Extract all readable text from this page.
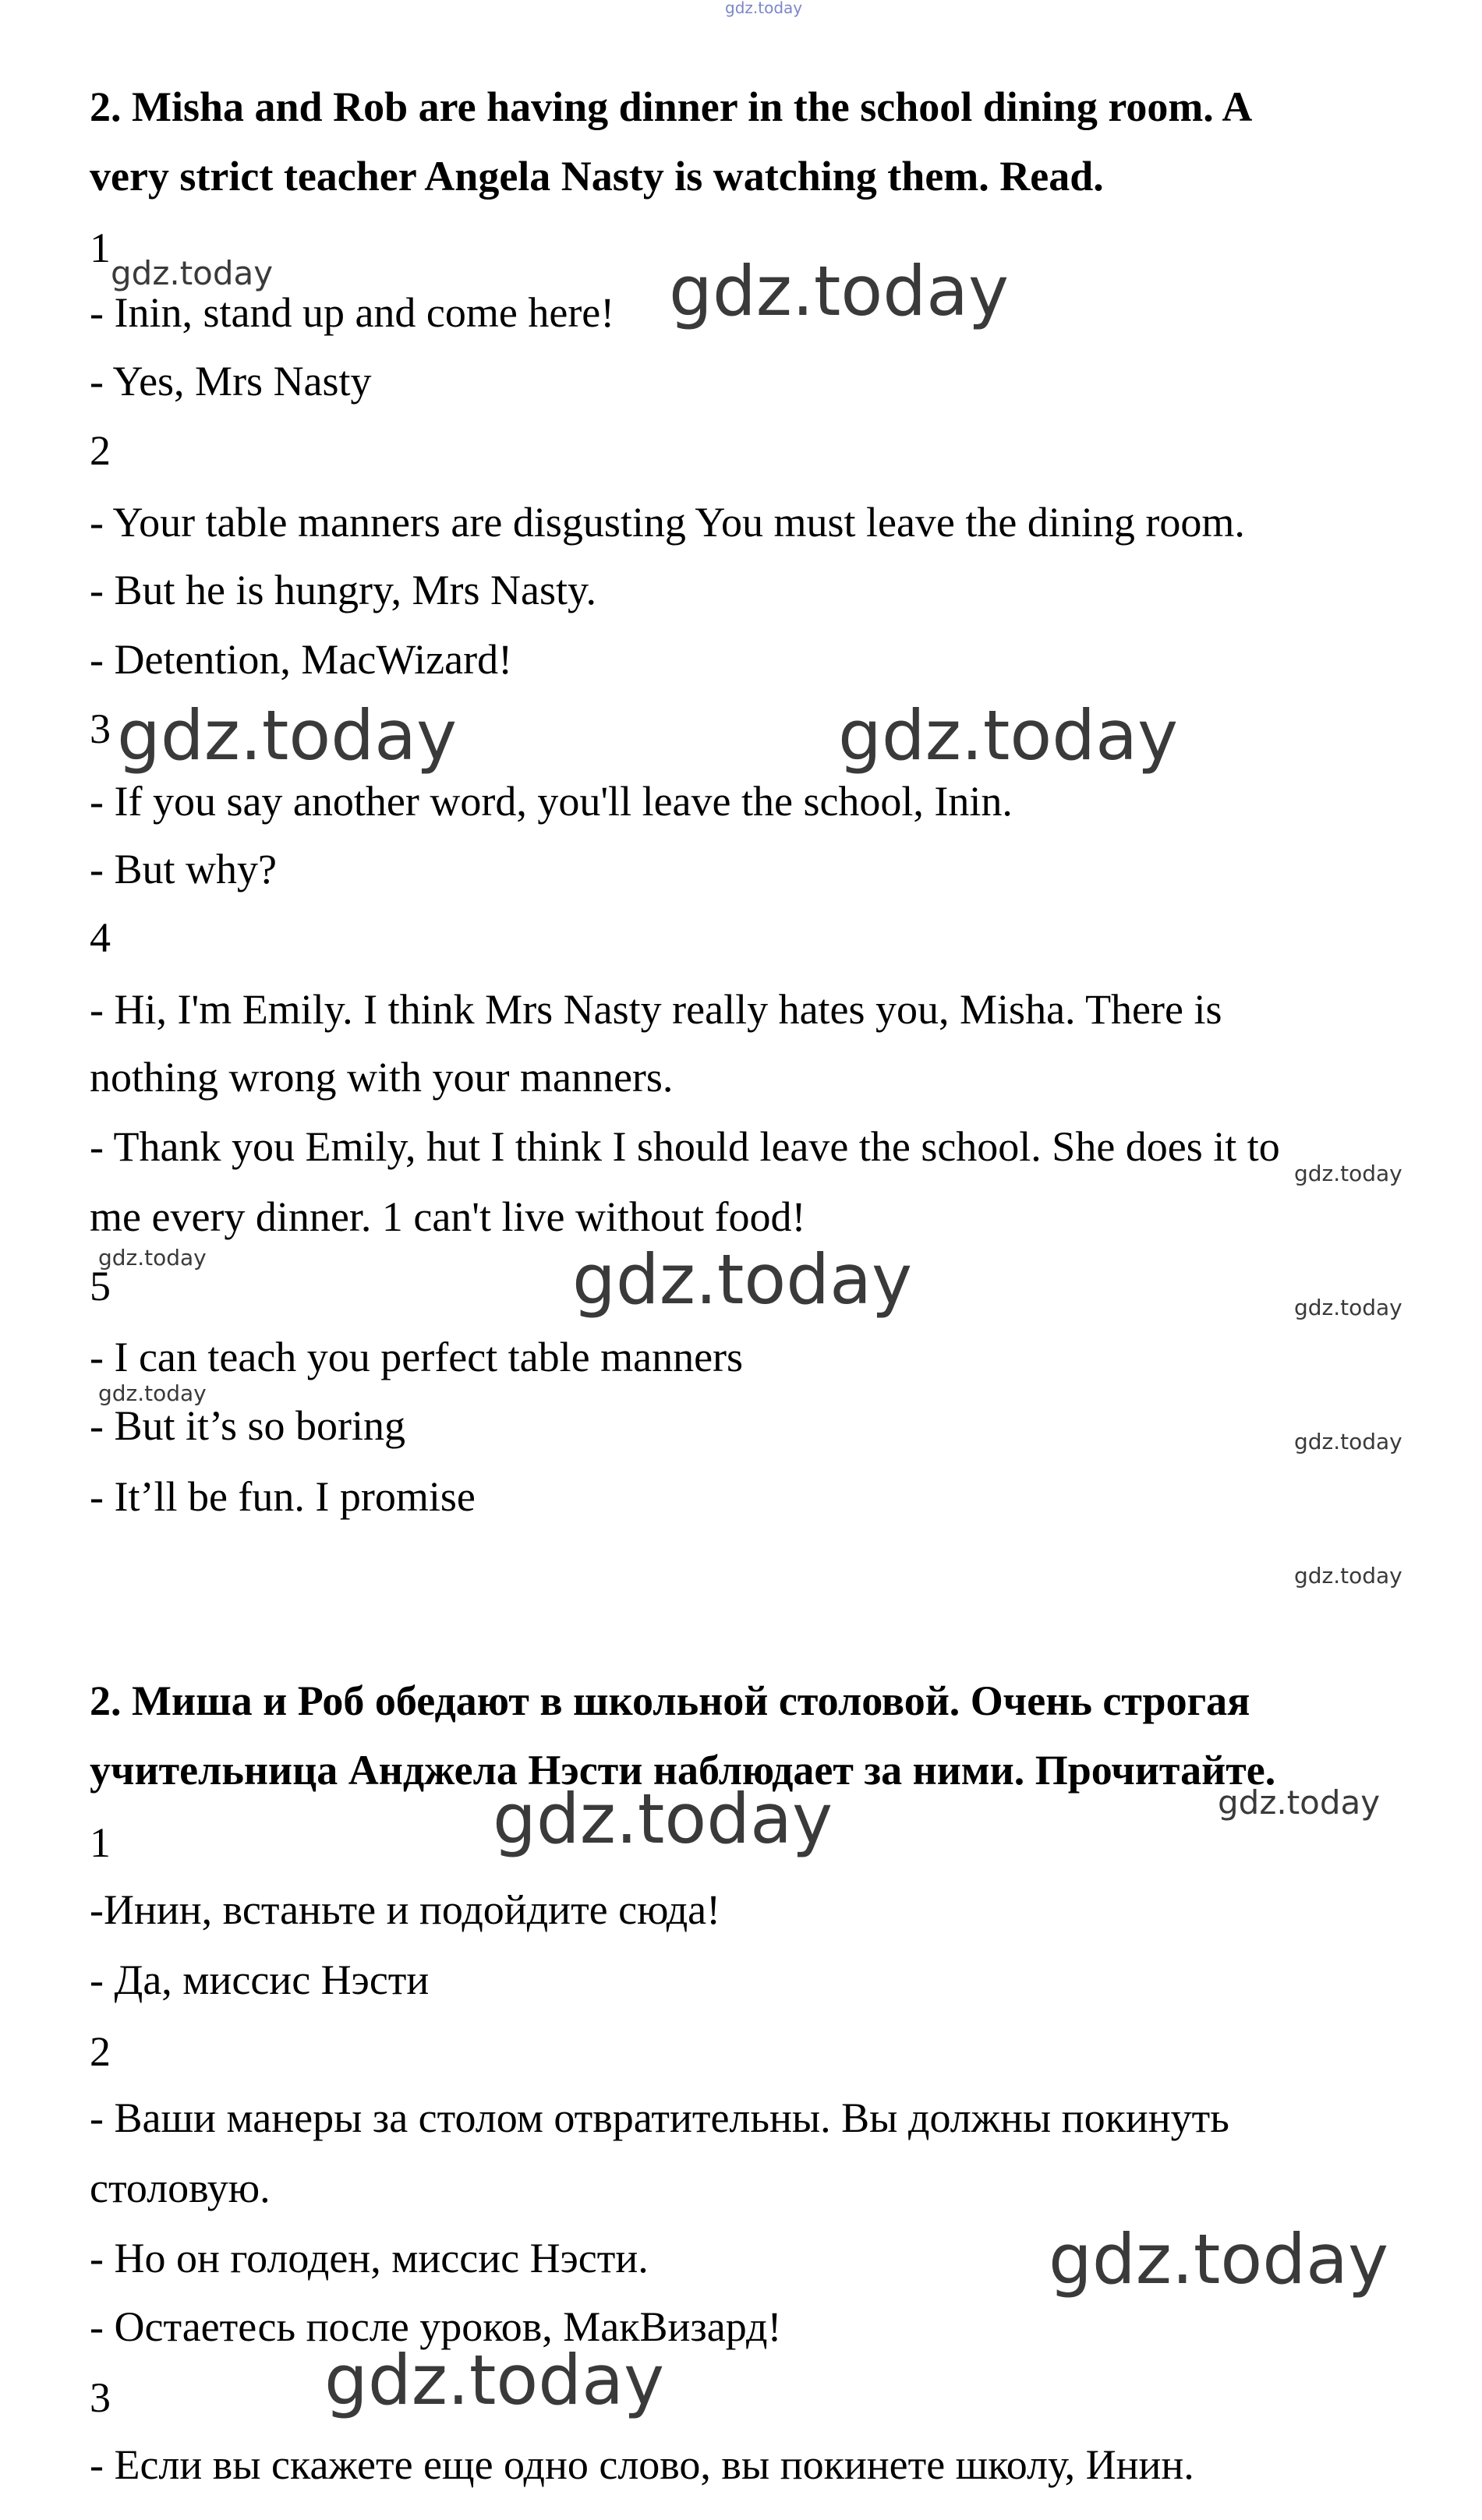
gdz.today
2. Misha and Rob are having dinner in the school dining room. A
very strict teacher Angela Nasty is watching them. Read.
1
- Inin, stand up and come here!
- Yes, Mrs Nasty
2
- Your table manners are disgusting You must leave the dining room.
- But he is hungry, Mrs Nasty.
- Detention, MacWizard!
3
- If you say another word, you'll leave the school, Inin.
- But why?
4
- Hi, I'm Emily. I think Mrs Nasty really hates you, Misha. There is
nothing wrong with your manners.
- Thank you Emily, hut I think I should leave the school. She does it to
me every dinner. 1 can't live without food!
5
- I can teach you perfect table manners
- But it’s so boring
- It’ll be fun. I promise
2. Миша и Роб обедают в школьной столовой. Очень строгая
учительница Анджела Нэсти наблюдает за ними. Прочитайте.
1
-Инин, встаньте и подойдите сюда!
- Да, миссис Нэсти
2
- Ваши манеры за столом отвратительны. Вы должны покинуть
столовую.
- Но он голоден, миссис Нэсти.
- Остаетесь после уроков, МакВизард!
3
- Если вы скажете еще одно слово, вы покинете школу, Инин.
gdz.today	gdz.today
gdz.today	gdz.today
gdz.today
gdz.today	gdz.today	gdz.today
gdz.today
gdz.today
gdz.today
gdz.today
gdz.today
gdz.today
gdz.today
